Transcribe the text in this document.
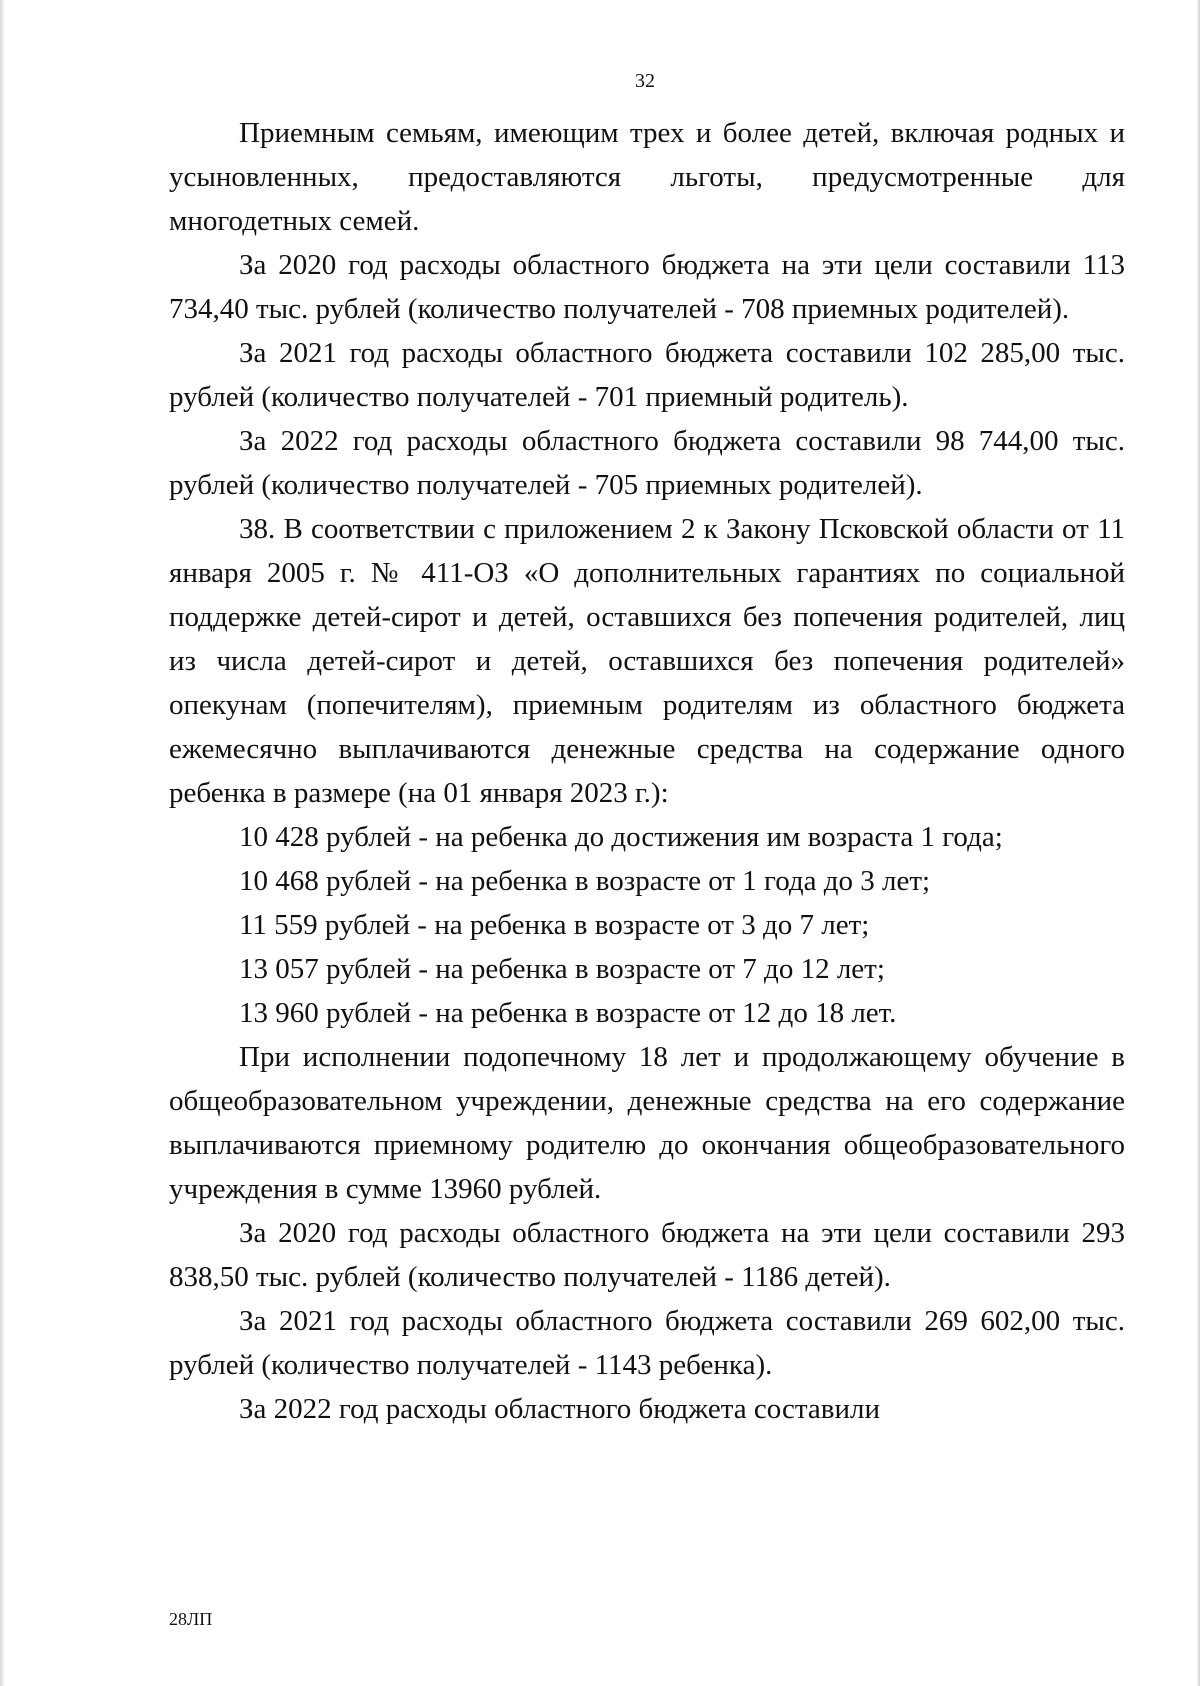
32

Приемным семьям, имеющим трех и более детей, включая родных и усыновленных, предоставляются льготы, предусмотренные для многодетных семей.

За 2020 год расходы областного бюджета на эти цели составили 113 734,40 тыс. рублей (количество получателей - 708 приемных родителей).

За 2021 год расходы областного бюджета составили 102 285,00 тыс. рублей (количество получателей - 701 приемный родитель).

За 2022 год расходы областного бюджета составили 98 744,00 тыс. рублей (количество получателей - 705 приемных родителей).

38. В соответствии с приложением 2 к Закону Псковской области от 11 января 2005 г. № 411-ОЗ «О дополнительных гарантиях по социальной поддержке детей-сирот и детей, оставшихся без попечения родителей, лиц из числа детей-сирот и детей, оставшихся без попечения родителей» опекунам (попечителям), приемным родителям из областного бюджета ежемесячно выплачиваются денежные средства на содержание одного ребенка в размере (на 01 января 2023 г.):

10 428 рублей - на ребенка до достижения им возраста 1 года;

10 468 рублей - на ребенка в возрасте от 1 года до 3 лет;

11 559 рублей - на ребенка в возрасте от 3 до 7 лет;

13 057 рублей - на ребенка в возрасте от 7 до 12 лет;

13 960 рублей - на ребенка в возрасте от 12 до 18 лет.

При исполнении подопечному 18 лет и продолжающему обучение в общеобразовательном учреждении, денежные средства на его содержание выплачиваются приемному родителю до окончания общеобразовательного учреждения в сумме 13960 рублей.

За 2020 год расходы областного бюджета на эти цели составили 293 838,50 тыс. рублей (количество получателей - 1186 детей).

За 2021 год расходы областного бюджета составили 269 602,00 тыс. рублей (количество получателей - 1143 ребенка).

За 2022 год расходы областного бюджета составили

28ЛП
